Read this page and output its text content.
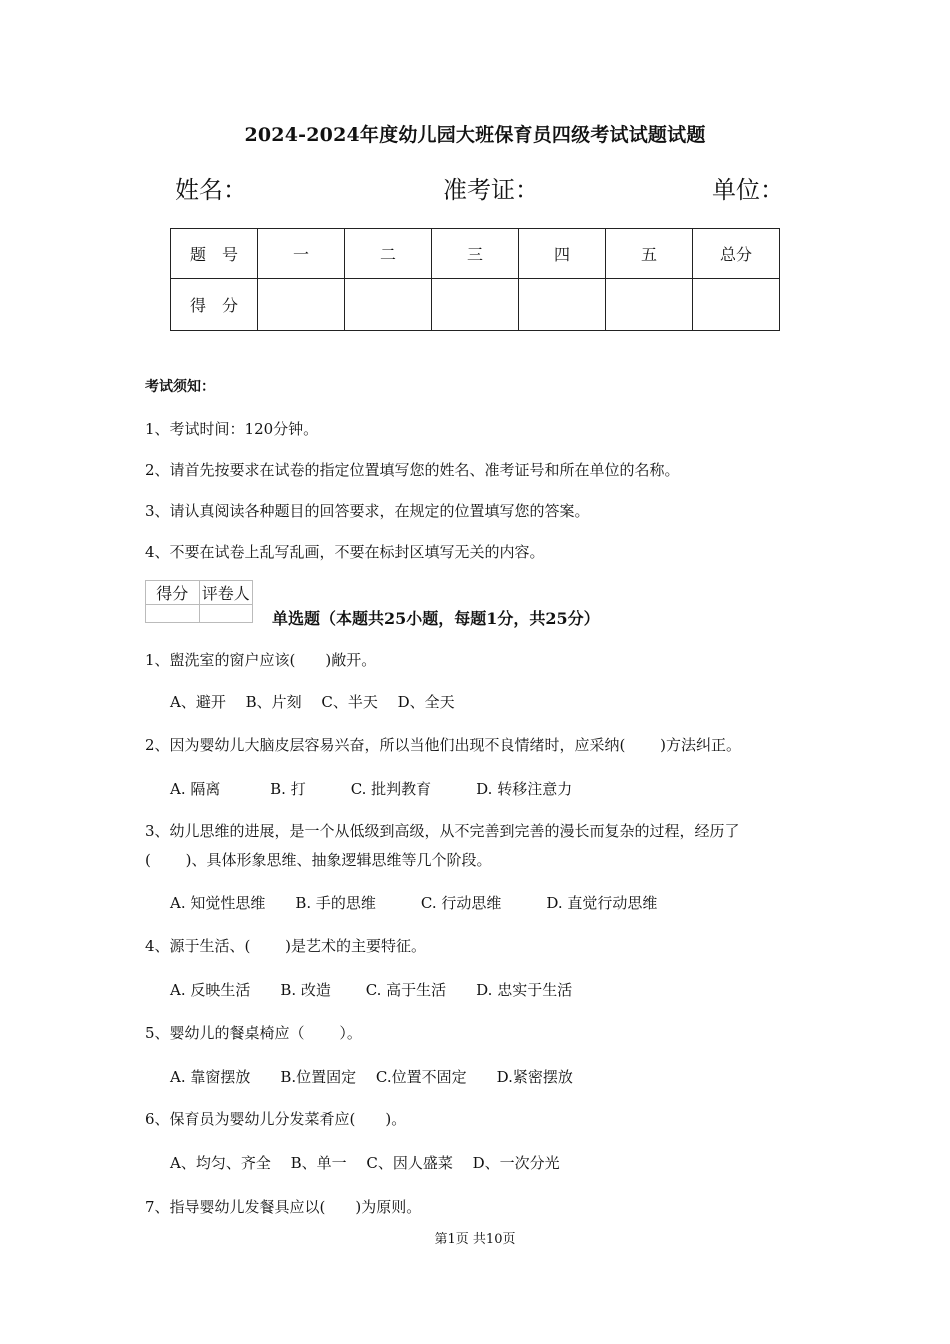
2024-2024年度幼儿园大班保育员四级考试试题试题
姓名：	准考证：	单位：
题　号	一	二	三	四	五	总分
得　分						
考试须知：
1、考试时间：120分钟。
2、请首先按要求在试卷的指定位置填写您的姓名、准考证号和所在单位的名称。
3、请认真阅读各种题目的回答要求，在规定的位置填写您的答案。
4、不要在试卷上乱写乱画，不要在标封区填写无关的内容。
得分	评卷人

单选题（本题共25小题，每题1分，共25分）
1、盥洗室的窗户应该(　　)敞开。
A、避开　 B、片刻　 C、半天　 D、全天
2、因为婴幼儿大脑皮层容易兴奋，所以当他们出现不良情绪时，应采纳(　　 )方法纠正。
A. 隔离　　　 B. 打　　　C. 批判教育　　　D. 转移注意力
3、幼儿思维的进展，是一个从低级到高级，从不完善到完善的漫长而复杂的过程，经历了
(　　 )、具体形象思维、抽象逻辑思维等几个阶段。
A. 知觉性思维　　B. 手的思维　　　C. 行动思维　　　D. 直觉行动思维
4、源于生活、(　　 )是艺术的主要特征。
A. 反映生活　　B. 改造　　 C. 高于生活　　D. 忠实于生活
5、婴幼儿的餐桌椅应（　　 ）。
A. 靠窗摆放　　B.位置固定　 C.位置不固定　　D.紧密摆放
6、保育员为婴幼儿分发菜肴应(　　)。
A、均匀、齐全　 B、单一　 C、因人盛菜　 D、一次分光
7、指导婴幼儿发餐具应以(　　)为原则。
第1页 共10页
